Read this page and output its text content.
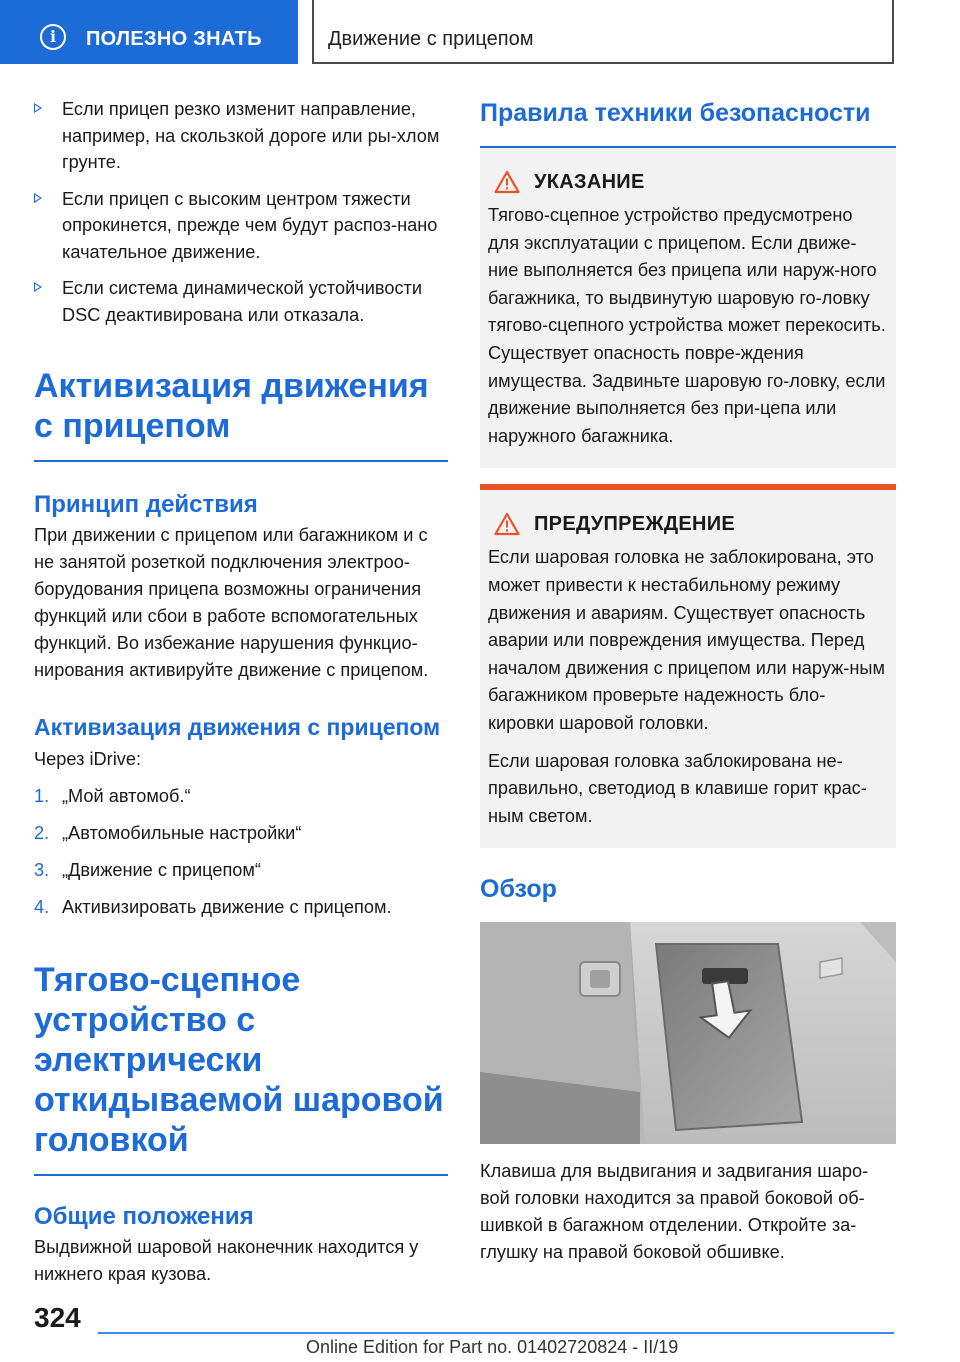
i	ПОЛЕЗНО ЗНАТЬ	Движение с прицепом
Если прицеп резко изменит направление, например, на скользкой дороге или ры-хлом грунте.
Если прицеп с высоким центром тяжести опрокинется, прежде чем будут распоз-нано качательное движение.
Если система динамической устойчивости DSC деактивирована или отказала.
Активизация движения с прицепом
Принцип действия
При движении с прицепом или багажником и с не занятой розеткой подключения электроо-борудования прицепа возможны ограничения функций или сбои в работе вспомогательных функций. Во избежание нарушения функцио-нирования активируйте движение с прицепом.
Активизация движения с прицепом
Через iDrive:
1. „Мой автомоб.“
2. „Автомобильные настройки“
3. „Движение с прицепом“
4. Активизировать движение с прицепом.
Тягово-сцепное устройство с электрически откидываемой шаровой головкой
Общие положения
Выдвижной шаровой наконечник находится у нижнего края кузова.
Правила техники безопасности
УКАЗАНИЕ
Тягово-сцепное устройство предусмотрено для эксплуатации с прицепом. Если движе-ние выполняется без прицепа или наруж-ного багажника, то выдвинутую шаровую го-ловку тягово-сцепного устройства может перекосить. Существует опасность повре-ждения имущества. Задвиньте шаровую го-ловку, если движение выполняется без при-цепа или наружного багажника.
ПРЕДУПРЕЖДЕНИЕ
Если шаровая головка не заблокирована, это может привести к нестабильному режиму движения и авариям. Существует опасность аварии или повреждения имущества. Перед началом движения с прицепом или наруж-ным багажником проверьте надежность бло-кировки шаровой головки.
Если шаровая головка заблокирована не-правильно, светодиод в клавише горит крас-ным светом.
Обзор
Клавиша для выдвигания и задвигания шаро-вой головки находится за правой боковой об-шивкой в багажном отделении. Откройте за-глушку на правой боковой обшивке.
324
Online Edition for Part no. 01402720824 - II/19
